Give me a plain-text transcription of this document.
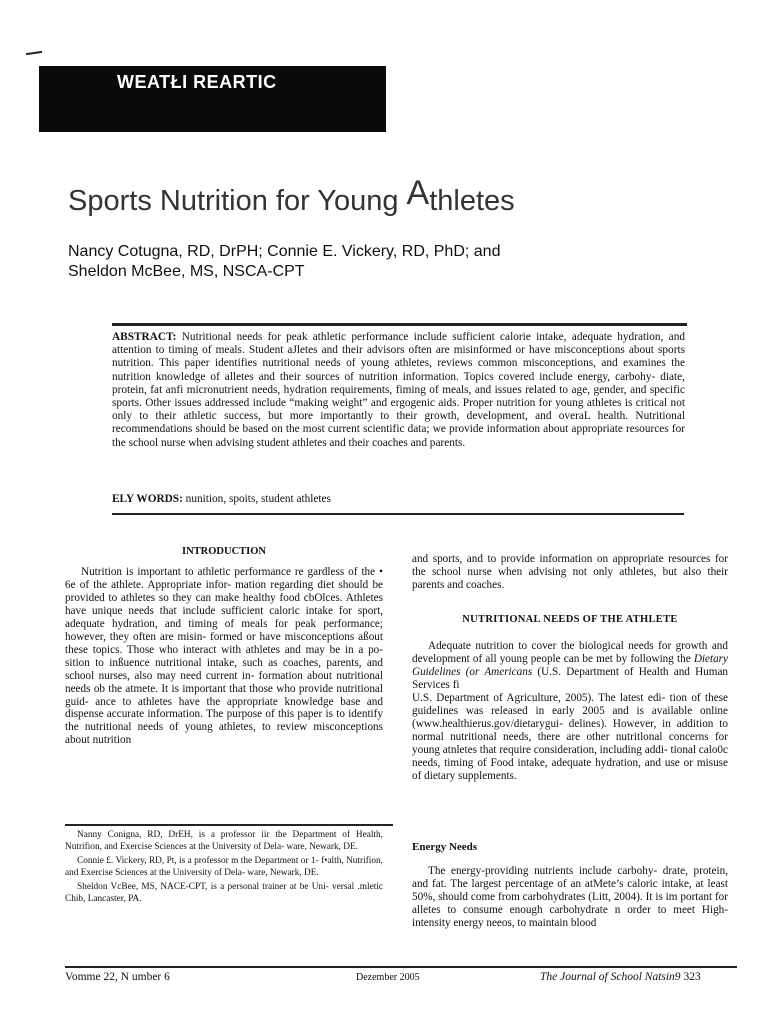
WEATŁI REARTIC
Sports Nutrition for Young Athletes
Nancy Cotugna, RD, DrPH; Connie E. Vickery, RD, PhD; and
Sheldon McBee, MS, NSCA-CPT
ABSTRACT: Nutritional needs for peak athletic performance include sufficient calorie intake, adequate hydration, and attention to timing of meals. Student aJletes and their advisors often are misinformed or have misconceptions about sports nutrition. This paper identifies nutritional needs of young athletes, reviews common misconceptions, and examines the nutrition knowledge of alletes and their sources of nutrition information. Topics covered include energy, carbohy- diate, protein, fat anfi micronutrient needs, hydration requirements, fiming of meals, and issues related to age, gender, and specific sports. Other issues addressed include “making weight” and ergogenic aids. Proper nutrition for young athletes is critical not only to their athletic success, but more importantly to their growth, development, and overaL health. Nutritional recommendations should be based on the most current scientific data; we provide information about appropriate resources for the school nurse when advising student athletes and their coaches and parents.
ELY WORDS: nunition, spoits, student athletes
INTRODUCTION
Nutrition is important to athletic performance re gardless of the • 6e of the athlete. Appropriate infor- mation regarding diet should be provided to athletes so they can make healthy food cbOlces. Athletes have unique needs that include sufficient caloric intake for sport, adequate hydration, and timing of meals for peak performance; however, they often are misin- formed or have misconceptions aßout these topics. Those who interact with athletes and may be in a po- sition to inßuence nutritional intake, such as coaches, parents, and school nurses, also may need current in- formation about nutritional needs ob the atmete. It is important that those who provide nutritional guid- ance to athletes have the appropriate knowledge base and dispense accurate information. The purpose of this paper is to identify the nutritional needs of young athletes, to review misconceptions about nutrition

Nanny Conigna, RD, DrEH, is a professor iir the Department of Health, Nutrifion, and Exercise Sciences at the University of Dela- ware, Newark, DE.

Connie £. Vickery, RD, Pt, is a professor m the Department or 1- f•alth, Nutrifion, and Exercise Sciences at the University of Dela- ware, Newark, DE.

Sheldon VcBee, MS, NACE-CPT, is a personal trainer at be Uni- versal .mletic Chib, Lancaster, PA.

and sports, and to provide information on appropriate resources for the school nurse when advising not only athletes, but also their parents and coaches.

NUTRITIONAL NEEDS OF THE ATHLETE
Adequate nutrition to cover the biological needs for growth and development of all young people can be met by following the Dietary Guidelines (or Americans (U.S. Department of Health and Human Services fi
U.S. Department of Agriculture, 2005). The latest edi- tion of these guidelines was released in early 2005 and is available online (www.healthierus.gov/dietarygui- delines). However, in addition to normal nutritional needs, there are other nutritlonal concerns for young atnletes that require consideration, including addi- tional calo0c needs, timing of Food intake, adequate hydration, and use or misuse of dietary supplements.
Energy Needs
The energy-providing nutrients include carbohy- drate, protein, and fat. The largest percentage of an atMete’s caloric intake, at least 50%, should come from carbohydrates (Litt, 2004). It is im portant for alletes to consume enough carbohydrate n order to meet High-intensity energy neeos, to maintain blood
Vomme 22, N umber 6	Dezember 2005	The Journal of School Natsin9 323
